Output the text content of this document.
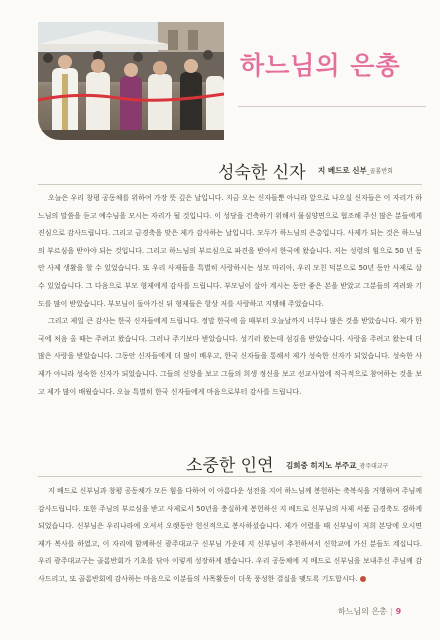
하느님의 은총
성숙한 신자 지 베드로 신부_골롬반회

오늘은 우리 창평 공동체를 위하여 가장 뜻 깊은 날입니다. 지금 오는 신자들뿐 아니라 앞으로 나오실 신자들은 이 자리가 하느님의 말씀을 듣고 예수님을 모시는 자리가 될 것입니다. 이 성당을 건축하기 위해서 물심양면으로 협조해 주신 많은 분들에게 진심으로 감사드립니다. 그리고 금경축을 맞은 제가 감사하는 날입니다. 모두가 하느님의 은총입니다. 사제가 되는 것은 하느님의 부르심을 받아야 되는 것입니다. 그리고 하느님의 부르심으로 파견을 받아서 한국에 왔습니다. 저는 성령의 힘으로 50 년 동안 사제 생활을 할 수 있었습니다. 또 우리 사제들을 특별히 사랑하시는 성모 마리아, 우리 모친 덕분으로 50년 동안 사제로 살 수 있었습니다. 그 다음으로 부모 형제에게 감사를 드립니다. 부모님이 살아 계시는 동안 좋은 본을 받았고 그분들의 격려와 기도를 많이 받았습니다. 부모님이 돌아가신 뒤 형제들은 항상 저를 사랑하고 지탱해 주었습니다.

그리고 제일 큰 감사는 한국 신자들에게 드립니다. 정말 한국에 올 때부터 오늘날까지 너무나 많은 것을 받았습니다. 제가 한국에 처음 올 때는 주려고 왔습니다. 그러나 주기보다 받았습니다. 성기러 왔는데 섬김을 받았습니다. 사랑을 주려고 왔는데 더 많은 사랑을 받았습니다. 그동안 신자들에게 더 많이 배우고, 한국 신자들을 통해서 제가 성숙한 신자가 되었습니다. 성숙한 사제가 아니라 성숙한 신자가 되었습니다. 그들의 신앙을 보고 그들의 희생 정신을 보고 선교사업에 적극적으로 참여하는 것을 보고 제가 많이 배웠습니다. 오늘 특별히 한국 신자들에게 마음으로부터 감사를 드립니다.

소중한 인연 김희중 히지노 부주교_광주대교구

지 베드로 신부님과 창평 공동체가 모든 힘을 다하여 이 아름다운 성전을 지어 하느님께 봉헌하는 축복식을 거행하며 주님께 감사드립니다. 또한 주님의 부르심을 받고 사제로서 50년을 충실하게 봉헌하신 지 베드로 신부님의 사제 서품 금경축도 겸하게 되었습니다. 신부님은 우리나라에 오셔서 오랫동안 헌신적으로 봉사하셨습니다. 제가 어렸을 때 신부님이 저희 본당에 오시면 제가 복사를 하였고, 이 자리에 함께하신 광주대교구 신부님 가운데 지 신부님이 추천하셔서 신학교에 가신 분들도 계십니다. 우리 광주대교구는 골롬반회가 기초를 닦아 이렇게 성장하게 됐습니다. 우리 공동체에 지 베드로 신부님을 보내주신 주님께 감사드리고, 또 골롬반회에 감사하는 마음으로 이분들의 사목활동이 더욱 풍성한 결실을 맺도록 기도합시다.

하느님의 은총 | 9
